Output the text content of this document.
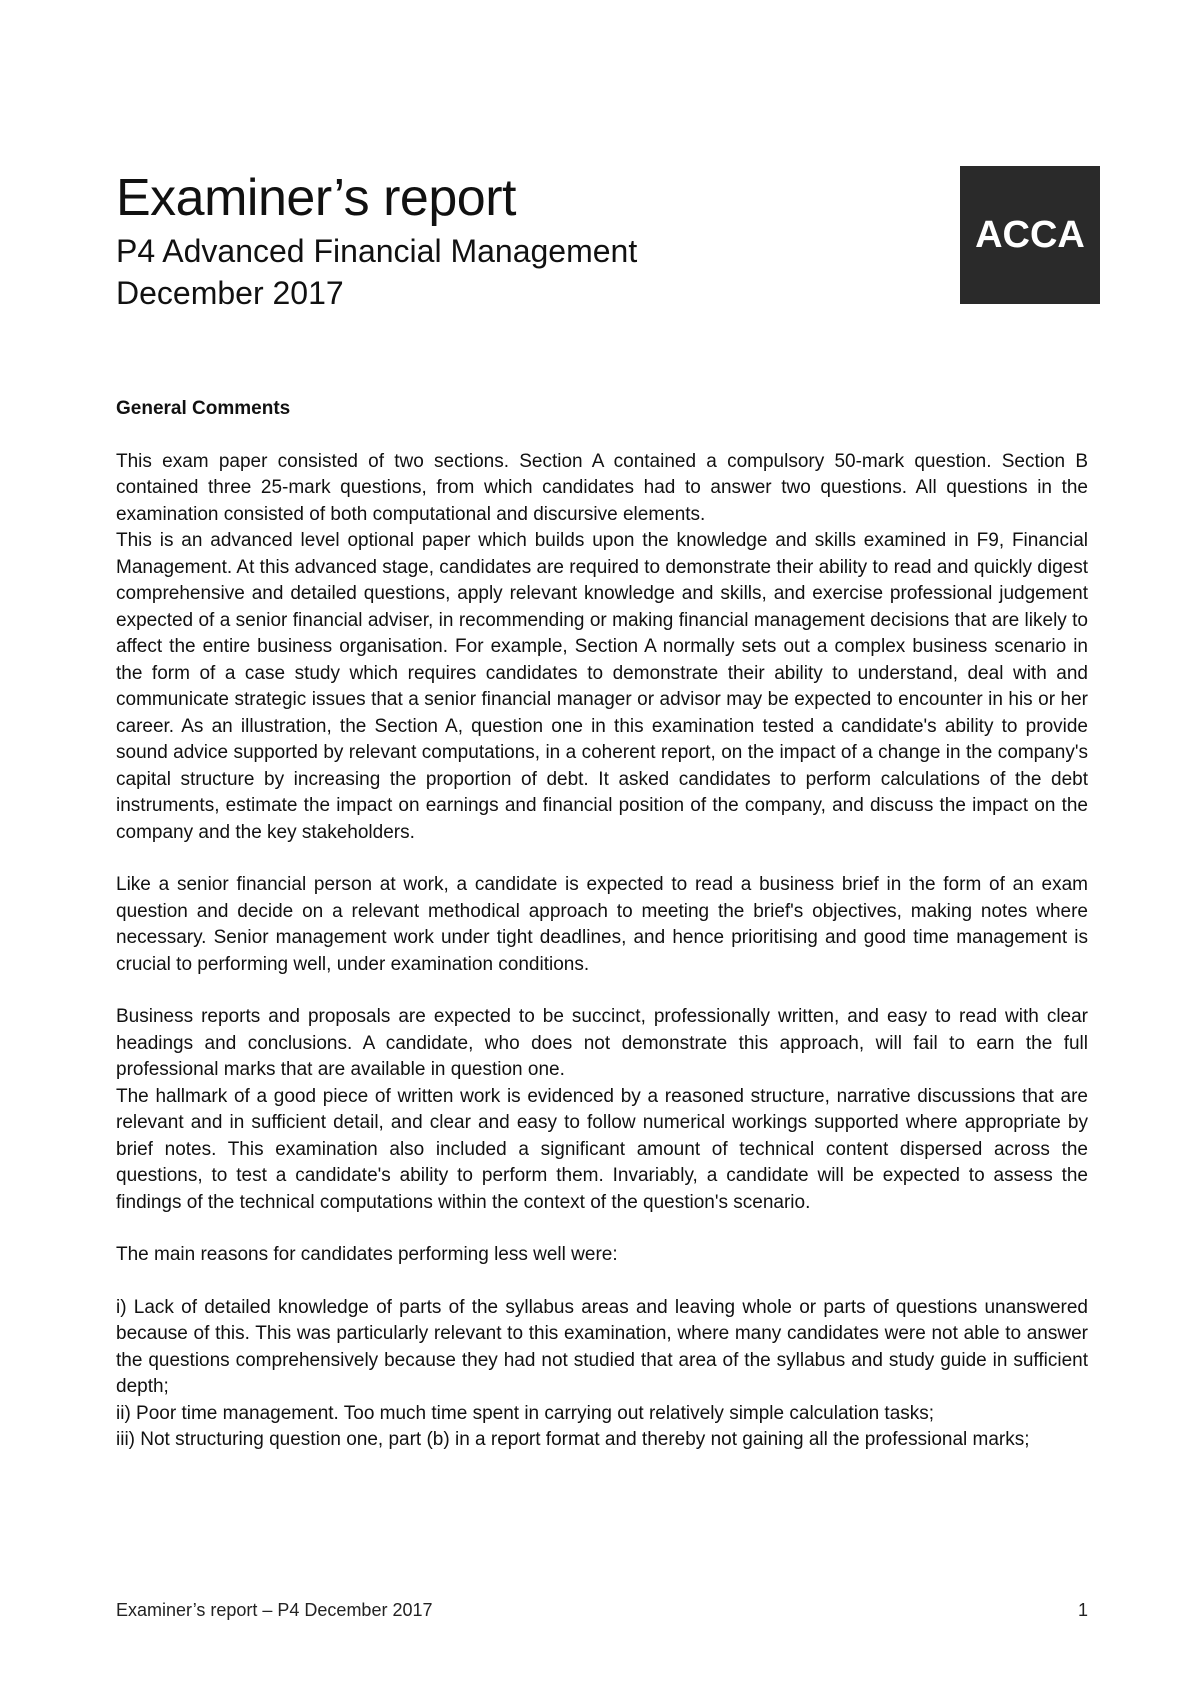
Examiner’s report

P4 Advanced Financial Management

December 2017

ACCA

General Comments

This exam paper consisted of two sections. Section A contained a compulsory 50-mark question. Section B contained three 25-mark questions, from which candidates had to answer two questions. All questions in the examination consisted of both computational and discursive elements.

This is an advanced level optional paper which builds upon the knowledge and skills examined in F9, Financial Management. At this advanced stage, candidates are required to demonstrate their ability to read and quickly digest comprehensive and detailed questions, apply relevant knowledge and skills, and exercise professional judgement expected of a senior financial adviser, in recommending or making financial management decisions that are likely to affect the entire business organisation. For example, Section A normally sets out a complex business scenario in the form of a case study which requires candidates to demonstrate their ability to understand, deal with and communicate strategic issues that a senior financial manager or advisor may be expected to encounter in his or her career. As an illustration, the Section A, question one in this examination tested a candidate's ability to provide sound advice supported by relevant computations, in a coherent report, on the impact of a change in the company's capital structure by increasing the proportion of debt. It asked candidates to perform calculations of the debt instruments, estimate the impact on earnings and financial position of the company, and discuss the impact on the company and the key stakeholders.

Like a senior financial person at work, a candidate is expected to read a business brief in the form of an exam question and decide on a relevant methodical approach to meeting the brief's objectives, making notes where necessary. Senior management work under tight deadlines, and hence prioritising and good time management is crucial to performing well, under examination conditions.

Business reports and proposals are expected to be succinct, professionally written, and easy to read with clear headings and conclusions. A candidate, who does not demonstrate this approach, will fail to earn the full professional marks that are available in question one.

The hallmark of a good piece of written work is evidenced by a reasoned structure, narrative discussions that are relevant and in sufficient detail, and clear and easy to follow numerical workings supported where appropriate by brief notes. This examination also included a significant amount of technical content dispersed across the questions, to test a candidate's ability to perform them. Invariably, a candidate will be expected to assess the findings of the technical computations within the context of the question's scenario.

The main reasons for candidates performing less well were:

i) Lack of detailed knowledge of parts of the syllabus areas and leaving whole or parts of questions unanswered because of this. This was particularly relevant to this examination, where many candidates were not able to answer the questions comprehensively because they had not studied that area of the syllabus and study guide in sufficient depth;

ii) Poor time management. Too much time spent in carrying out relatively simple calculation tasks;

iii) Not structuring question one, part (b) in a report format and thereby not gaining all the professional marks;

Examiner’s report – P4 December 2017	1
